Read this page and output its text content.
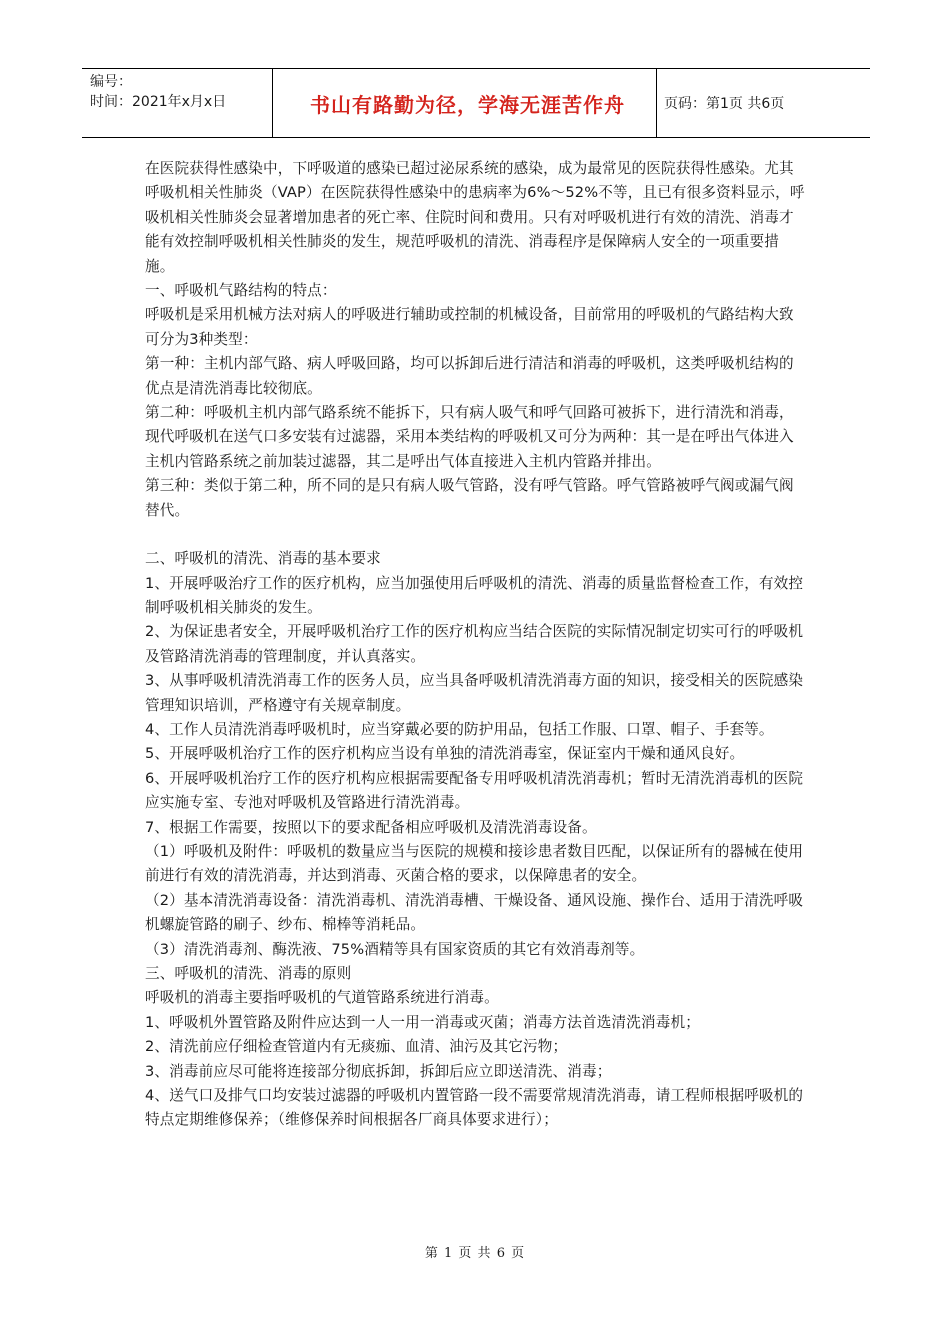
编号：
时间：2021年x月x日	书山有路勤为径，学海无涯苦作舟	页码：第1页 共6页

在医院获得性感染中，下呼吸道的感染已超过泌尿系统的感染，成为最常见的医院获得性感染。尤其呼吸机相关性肺炎（VAP）在医院获得性感染中的患病率为6%～52%不等，且已有很多资料显示，呼吸机相关性肺炎会显著增加患者的死亡率、住院时间和费用。只有对呼吸机进行有效的清洗、消毒才能有效控制呼吸机相关性肺炎的发生，规范呼吸机的清洗、消毒程序是保障病人安全的一项重要措施。

一、呼吸机气路结构的特点：

呼吸机是采用机械方法对病人的呼吸进行辅助或控制的机械设备，目前常用的呼吸机的气路结构大致可分为3种类型：

第一种：主机内部气路、病人呼吸回路，均可以拆卸后进行清洁和消毒的呼吸机，这类呼吸机结构的优点是清洗消毒比较彻底。

第二种：呼吸机主机内部气路系统不能拆下，只有病人吸气和呼气回路可被拆下，进行清洗和消毒，现代呼吸机在送气口多安装有过滤器，采用本类结构的呼吸机又可分为两种：其一是在呼出气体进入主机内管路系统之前加装过滤器，其二是呼出气体直接进入主机内管路并排出。

第三种：类似于第二种，所不同的是只有病人吸气管路，没有呼气管路。呼气管路被呼气阀或漏气阀替代。

二、呼吸机的清洗、消毒的基本要求

1、开展呼吸治疗工作的医疗机构，应当加强使用后呼吸机的清洗、消毒的质量监督检查工作，有效控制呼吸机相关肺炎的发生。

2、为保证患者安全，开展呼吸机治疗工作的医疗机构应当结合医院的实际情况制定切实可行的呼吸机及管路清洗消毒的管理制度，并认真落实。

3、从事呼吸机清洗消毒工作的医务人员，应当具备呼吸机清洗消毒方面的知识，接受相关的医院感染管理知识培训，严格遵守有关规章制度。

4、工作人员清洗消毒呼吸机时，应当穿戴必要的防护用品，包括工作服、口罩、帽子、手套等。

5、开展呼吸机治疗工作的医疗机构应当设有单独的清洗消毒室，保证室内干燥和通风良好。

6、开展呼吸机治疗工作的医疗机构应根据需要配备专用呼吸机清洗消毒机；暂时无清洗消毒机的医院应实施专室、专池对呼吸机及管路进行清洗消毒。

7、根据工作需要，按照以下的要求配备相应呼吸机及清洗消毒设备。

（1）呼吸机及附件：呼吸机的数量应当与医院的规模和接诊患者数目匹配，以保证所有的器械在使用前进行有效的清洗消毒，并达到消毒、灭菌合格的要求，以保障患者的安全。

（2）基本清洗消毒设备：清洗消毒机、清洗消毒槽、干燥设备、通风设施、操作台、适用于清洗呼吸机螺旋管路的刷子、纱布、棉棒等消耗品。

（3）清洗消毒剂、酶洗液、75%酒精等具有国家资质的其它有效消毒剂等。

三、呼吸机的清洗、消毒的原则

呼吸机的消毒主要指呼吸机的气道管路系统进行消毒。

1、呼吸机外置管路及附件应达到一人一用一消毒或灭菌；消毒方法首选清洗消毒机；

2、清洗前应仔细检查管道内有无痰痂、血清、油污及其它污物；

3、消毒前应尽可能将连接部分彻底拆卸，拆卸后应立即送清洗、消毒；

4、送气口及排气口均安装过滤器的呼吸机内置管路一段不需要常规清洗消毒，请工程师根据呼吸机的特点定期维修保养；（维修保养时间根据各厂商具体要求进行）；

第 1 页 共 6 页
